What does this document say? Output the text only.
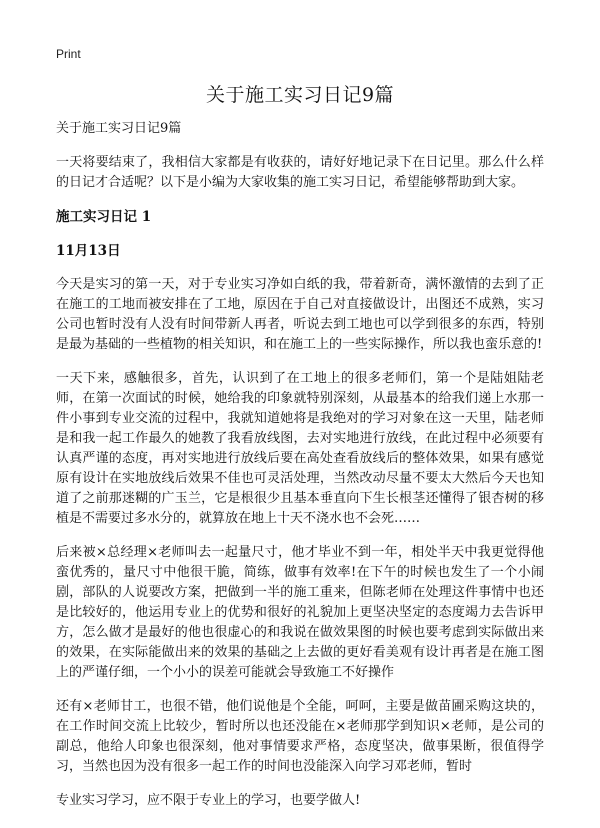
Print
关于施工实习日记9篇
关于施工实习日记9篇

一天将要结束了，我相信大家都是有收获的，请好好地记录下在日记里。那么什么样的日记才合适呢？以下是小编为大家收集的施工实习日记，希望能够帮助到大家。

施工实习日记 1
11月13日

今天是实习的第一天，对于专业实习净如白纸的我，带着新奇，满怀激情的去到了正在施工的工地而被安排在了工地，原因在于自己对直接做设计，出图还不成熟，实习公司也暂时没有人没有时间带新人再者，听说去到工地也可以学到很多的东西，特别是最为基础的一些植物的相关知识，和在施工上的一些实际操作，所以我也蛮乐意的!

一天下来，感触很多，首先，认识到了在工地上的很多老师们，第一个是陆姐陆老师，在第一次面试的时候，她给我的印象就特别深刻，从最基本的给我们递上水那一件小事到专业交流的过程中，我就知道她将是我绝对的学习对象在这一天里，陆老师是和我一起工作最久的她教了我看放线图，去对实地进行放线，在此过程中必须要有认真严谨的态度，再对实地进行放线后要在高处查看放线后的整体效果，如果有感觉原有设计在实地放线后效果不佳也可灵活处理，当然改动尽量不要太大然后今天也知道了之前那迷糊的广玉兰，它是根很少且基本垂直向下生长根茎还懂得了银杏树的移植是不需要过多水分的，就算放在地上十天不浇水也不会死……

后来被×总经理×老师叫去一起量尺寸，他才毕业不到一年，相处半天中我更觉得他蛮优秀的，量尺寸中他很干脆，简练，做事有效率!在下午的时候也发生了一个小闹剧，部队的人说要改方案，把做到一半的施工重来，但陈老师在处理这件事情中也还是比较好的，他运用专业上的优势和很好的礼貌加上更坚决坚定的态度竭力去告诉甲方，怎么做才是最好的他也很虚心的和我说在做效果图的时候也要考虑到实际做出来的效果，在实际能做出来的效果的基础之上去做的更好看美观有设计再者是在施工图上的严谨仔细，一个小小的误差可能就会导致施工不好操作

还有×老师甘工，也很不错，他们说他是个全能，呵呵，主要是做苗圃采购这块的，在工作时间交流上比较少，暂时所以也还没能在×老师那学到知识×老师，是公司的副总，他给人印象也很深刻，他对事情要求严格，态度坚决，做事果断，很值得学习，当然也因为没有很多一起工作的时间也没能深入向学习邓老师，暂时

专业实习学习，应不限于专业上的学习，也要学做人!
